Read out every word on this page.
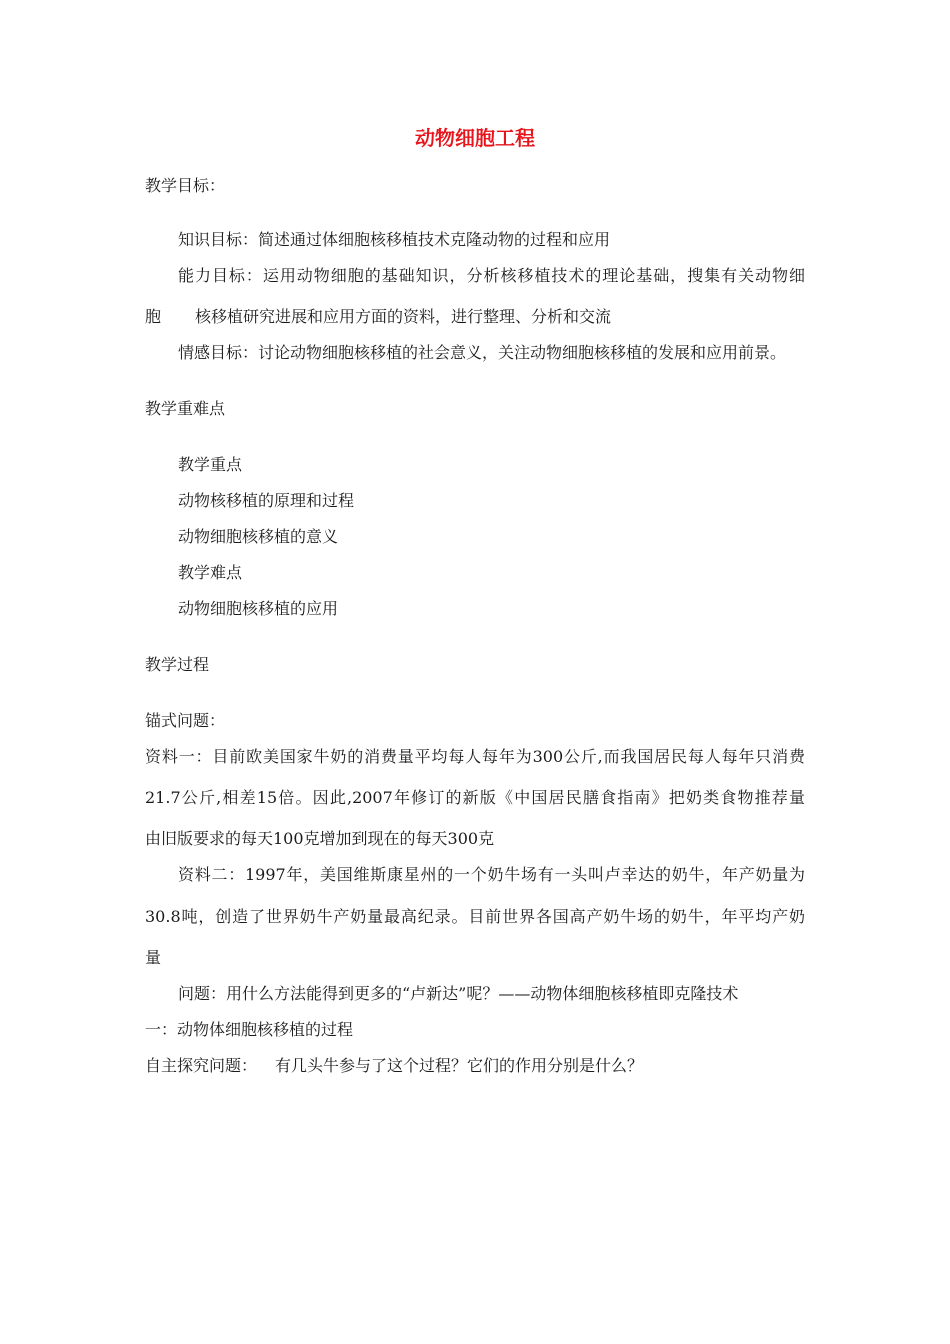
动物细胞工程

教学目标：

知识目标：简述通过体细胞核移植技术克隆动物的过程和应用

能力目标：运用动物细胞的基础知识，分析核移植技术的理论基础，搜集有关动物细

胞 核移植研究进展和应用方面的资料，进行整理、分析和交流

情感目标：讨论动物细胞核移植的社会意义，关注动物细胞核移植的发展和应用前景。

教学重难点

教学重点

动物核移植的原理和过程

动物细胞核移植的意义

教学难点

动物细胞核移植的应用

教学过程

锚式问题：

资料一：目前欧美国家牛奶的消费量平均每人每年为300公斤,而我国居民每人每年只消费

21.7公斤,相差15倍。因此,2007年修订的新版《中国居民膳食指南》把奶类食物推荐量

由旧版要求的每天100克增加到现在的每天300克

资料二：1997年，美国维斯康星州的一个奶牛场有一头叫卢幸达的奶牛，年产奶量为

30.8吨，创造了世界奶牛产奶量最高纪录。目前世界各国高产奶牛场的奶牛，年平均产奶

量

问题：用什么方法能得到更多的“卢新达”呢？——动物体细胞核移植即克隆技术

一：动物体细胞核移植的过程

自主探究问题： 有几头牛参与了这个过程？它们的作用分别是什么？
